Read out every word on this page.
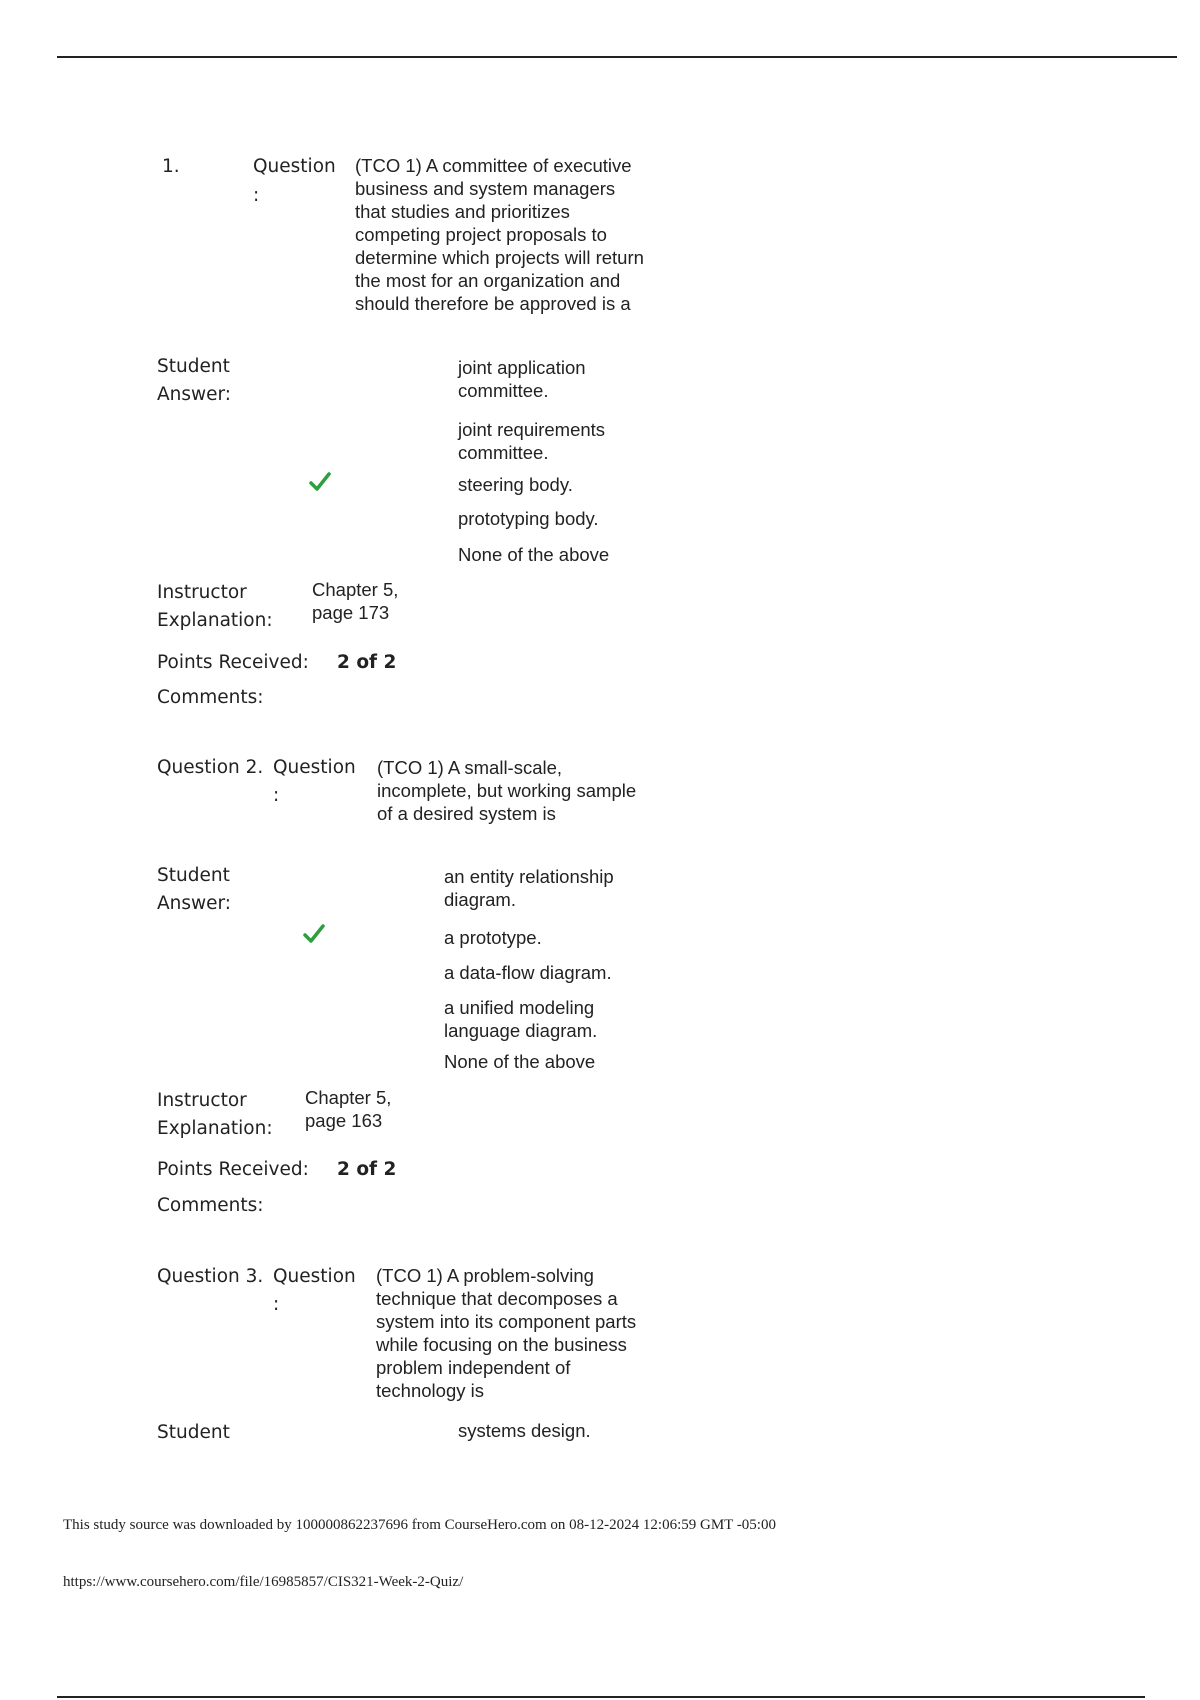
1.	Question
:
(TCO 1) A committee of executive business and system managers that studies and prioritizes competing project proposals to determine which projects will return the most for an organization and should therefore be approved is a
Student Answer:
joint application committee.
joint requirements committee.
steering body.
prototyping body.
None of the above
Instructor Explanation:
Chapter 5, page 173
Points Received: 2 of 2
Comments:
Question 2. Question
:
(TCO 1) A small-scale, incomplete, but working sample of a desired system is
Student Answer:
an entity relationship diagram.
a prototype.
a data-flow diagram.
a unified modeling language diagram.
None of the above
Instructor Explanation:
Chapter 5, page 163
Points Received: 2 of 2
Comments:
Question 3. Question
:
(TCO 1) A problem-solving technique that decomposes a system into its component parts while focusing on the business problem independent of technology is
Student	systems design.
This study source was downloaded by 100000862237696 from CourseHero.com on 08-12-2024 12:06:59 GMT -05:00
https://www.coursehero.com/file/16985857/CIS321-Week-2-Quiz/
